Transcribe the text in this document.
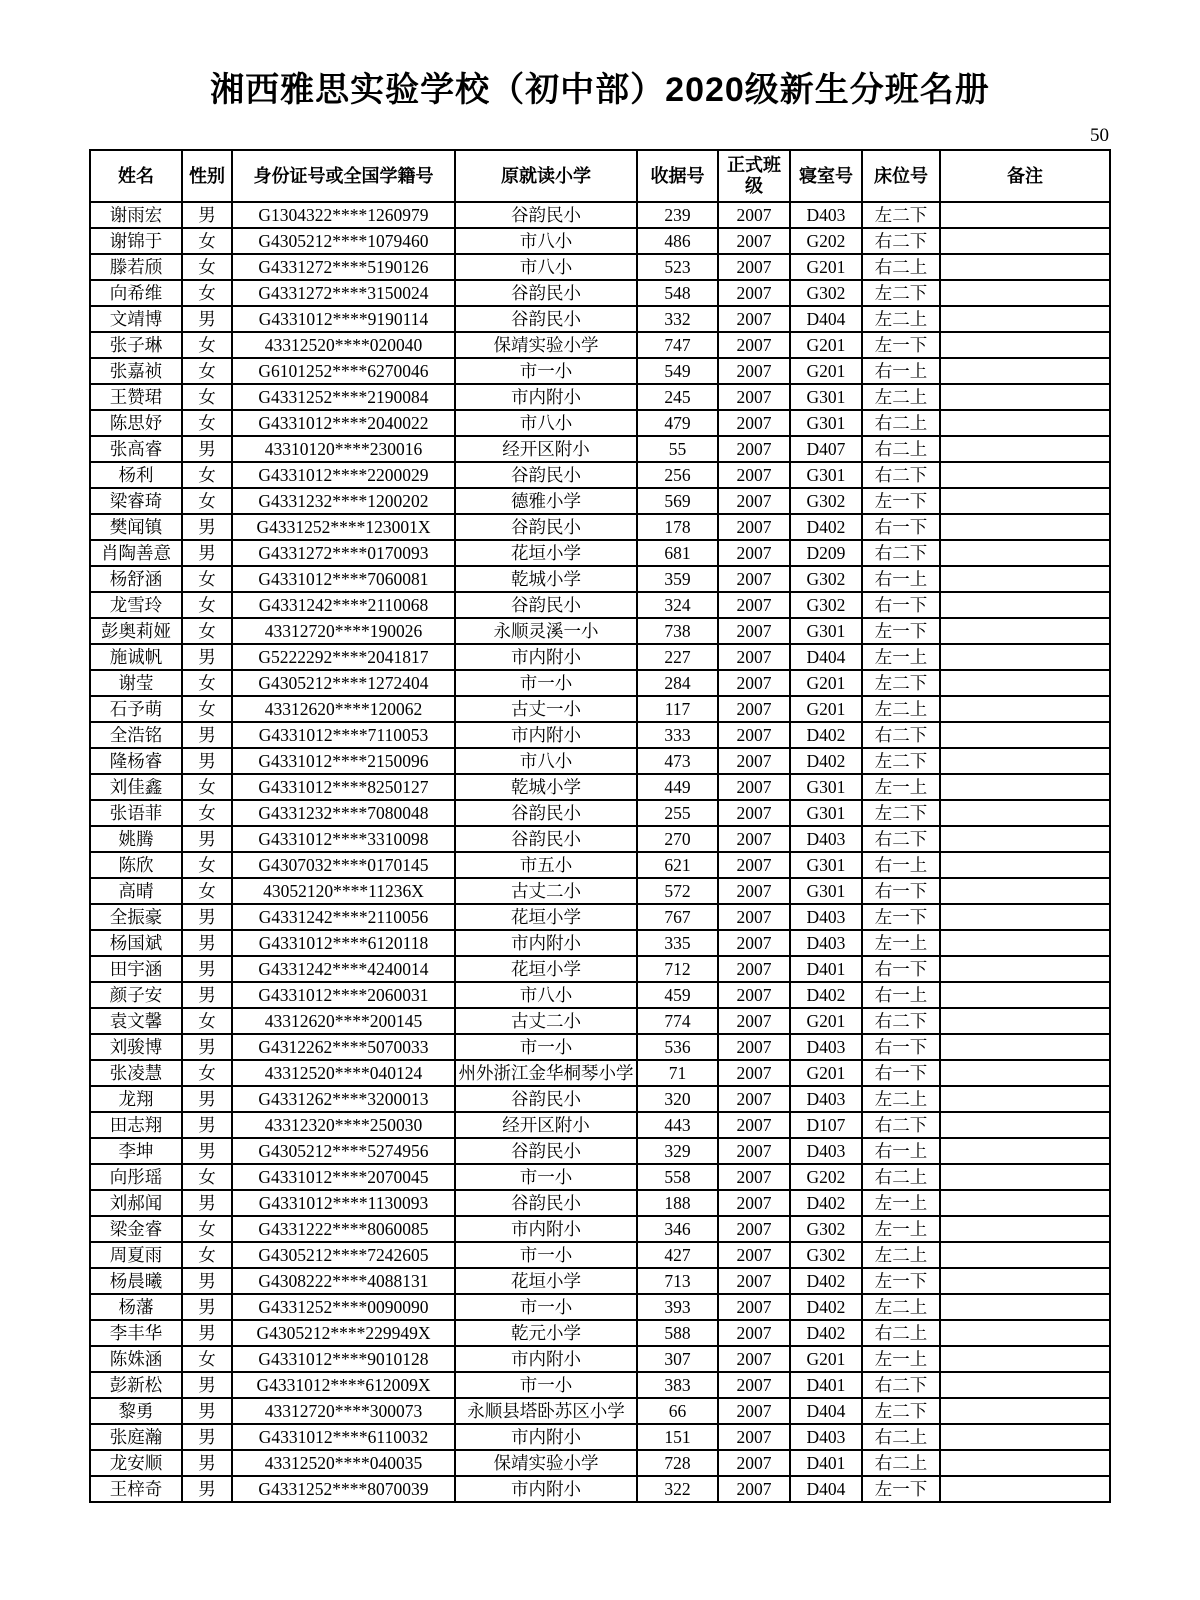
湘西雅思实验学校（初中部）2020级新生分班名册
50
姓名	性别	身份证号或全国学籍号	原就读小学	收据号	正式班级	寝室号	床位号	备注
谢雨宏	男	G1304322****1260979	谷韵民小	239	2007	D403	左二下	
谢锦于	女	G4305212****1079460	市八小	486	2007	G202	右二下	
滕若颀	女	G4331272****5190126	市八小	523	2007	G201	右二上	
向希维	女	G4331272****3150024	谷韵民小	548	2007	G302	左二下	
文靖博	男	G4331012****9190114	谷韵民小	332	2007	D404	左二上	
张子琳	女	43312520****020040	保靖实验小学	747	2007	G201	左一下	
张嘉祯	女	G6101252****6270046	市一小	549	2007	G201	右一上	
王赞珺	女	G4331252****2190084	市内附小	245	2007	G301	左二上	
陈思妤	女	G4331012****2040022	市八小	479	2007	G301	右二上	
张高睿	男	43310120****230016	经开区附小	55	2007	D407	右二上	
杨利	女	G4331012****2200029	谷韵民小	256	2007	G301	右二下	
梁睿琦	女	G4331232****1200202	德雅小学	569	2007	G302	左一下	
樊闻镇	男	G4331252****123001X	谷韵民小	178	2007	D402	右一下	
肖陶善意	男	G4331272****0170093	花垣小学	681	2007	D209	右二下	
杨舒涵	女	G4331012****7060081	乾城小学	359	2007	G302	右一上	
龙雪玲	女	G4331242****2110068	谷韵民小	324	2007	G302	右一下	
彭奥莉娅	女	43312720****190026	永顺灵溪一小	738	2007	G301	左一下	
施诚帆	男	G5222292****2041817	市内附小	227	2007	D404	左一上	
谢莹	女	G4305212****1272404	市一小	284	2007	G201	左二下	
石予萌	女	43312620****120062	古丈一小	117	2007	G201	左二上	
全浩铭	男	G4331012****7110053	市内附小	333	2007	D402	右二下	
隆杨睿	男	G4331012****2150096	市八小	473	2007	D402	左二下	
刘佳鑫	女	G4331012****8250127	乾城小学	449	2007	G301	左一上	
张语菲	女	G4331232****7080048	谷韵民小	255	2007	G301	左二下	
姚腾	男	G4331012****3310098	谷韵民小	270	2007	D403	右二下	
陈欣	女	G4307032****0170145	市五小	621	2007	G301	右一上	
高晴	女	43052120****11236X	古丈二小	572	2007	G301	右一下	
全振豪	男	G4331242****2110056	花垣小学	767	2007	D403	左一下	
杨国斌	男	G4331012****6120118	市内附小	335	2007	D403	左一上	
田宇涵	男	G4331242****4240014	花垣小学	712	2007	D401	右一下	
颜子安	男	G4331012****2060031	市八小	459	2007	D402	右一上	
袁文馨	女	43312620****200145	古丈二小	774	2007	G201	右二下	
刘骏博	男	G4312262****5070033	市一小	536	2007	D403	右一下	
张凌慧	女	43312520****040124	州外浙江金华桐琴小学	71	2007	G201	右一下	
龙翔	男	G4331262****3200013	谷韵民小	320	2007	D403	左二上	
田志翔	男	43312320****250030	经开区附小	443	2007	D107	右二下	
李坤	男	G4305212****5274956	谷韵民小	329	2007	D403	右一上	
向彤瑶	女	G4331012****2070045	市一小	558	2007	G202	右二上	
刘郝闻	男	G4331012****1130093	谷韵民小	188	2007	D402	左一上	
梁金睿	女	G4331222****8060085	市内附小	346	2007	G302	左一上	
周夏雨	女	G4305212****7242605	市一小	427	2007	G302	左二上	
杨晨曦	男	G4308222****4088131	花垣小学	713	2007	D402	左一下	
杨藩	男	G4331252****0090090	市一小	393	2007	D402	左二上	
李丰华	男	G4305212****229949X	乾元小学	588	2007	D402	右二上	
陈姝涵	女	G4331012****9010128	市内附小	307	2007	G201	左一上	
彭新松	男	G4331012****612009X	市一小	383	2007	D401	右二下	
黎勇	男	43312720****300073	永顺县塔卧苏区小学	66	2007	D404	左二下	
张庭瀚	男	G4331012****6110032	市内附小	151	2007	D403	右二上	
龙安顺	男	43312520****040035	保靖实验小学	728	2007	D401	右二上	
王梓奇	男	G4331252****8070039	市内附小	322	2007	D404	左一下	
